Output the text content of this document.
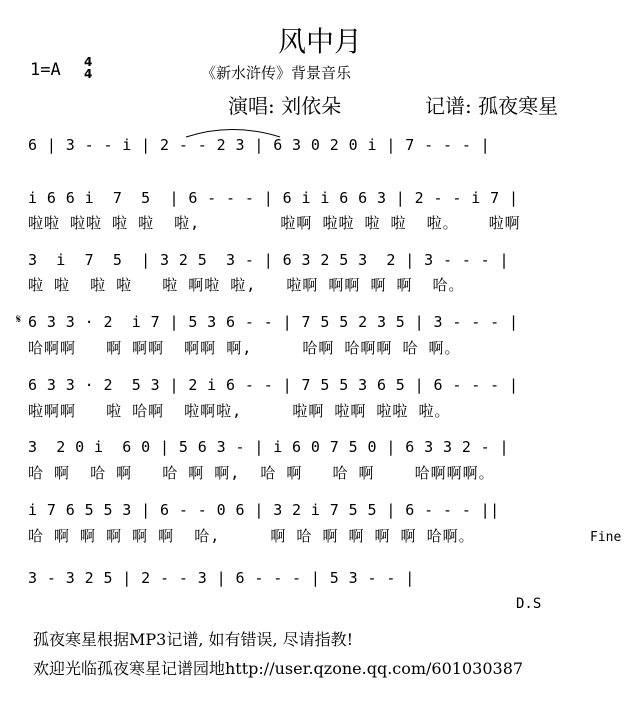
风中月
1=A 4
4	《新水浒传》背景音乐
演唱: 刘依朵	记谱: 孤夜寒星
6 | 3 - - i | 2 - - 2 3 | 6 3 0 2 0 i | 7 - - - |
i 6 6 i  7  5  | 6 - - - | 6 i i 6 6 3 | 2 - - i 7 |
啦啦 啦啦 啦 啦  啦,        啦啊 啦啦 啦 啦  啦。   啦啊
3  i  7  5  | 3 2 5  3 - | 6 3 2 5 3  2 | 3 - - - |
啦 啦  啦 啦   啦 啊啦 啦,   啦啊 啊啊 啊 啊  哈。
6 3 3 · 2  i 7 | 5 3 6 - - | 7 5 5 2 3 5 | 3 - - - |
哈啊啊   啊 啊啊  啊啊 啊,     哈啊 哈啊啊 哈 啊。
6 3 3 · 2  5 3 | 2 i 6 - - | 7 5 5 3 6 5 | 6 - - - |
啦啊啊   啦 哈啊  啦啊啦,     啦啊 啦啊 啦啦 啦。
3  2 0 i  6 0 | 5 6 3 - | i 6 0 7 5 0 | 6 3 3 2 - |
哈 啊  哈 啊   哈 啊 啊,  哈 啊   哈 啊    哈啊啊啊。
i 7 6 5 5 3 | 6 - - 0 6 | 3 2 i 7 5 5 | 6 - - - ||
哈 啊 啊 啊 啊 啊  哈,     啊 哈 啊 啊 啊 啊 哈啊。
3 - 3 2 5 | 2 - - 3 | 6 - - - | 5 3 - - |
𝄋
Fine
D.S
孤夜寒星根据MP3记谱, 如有错误, 尽请指教!
欢迎光临孤夜寒星记谱园地http://user.qzone.qq.com/601030387
